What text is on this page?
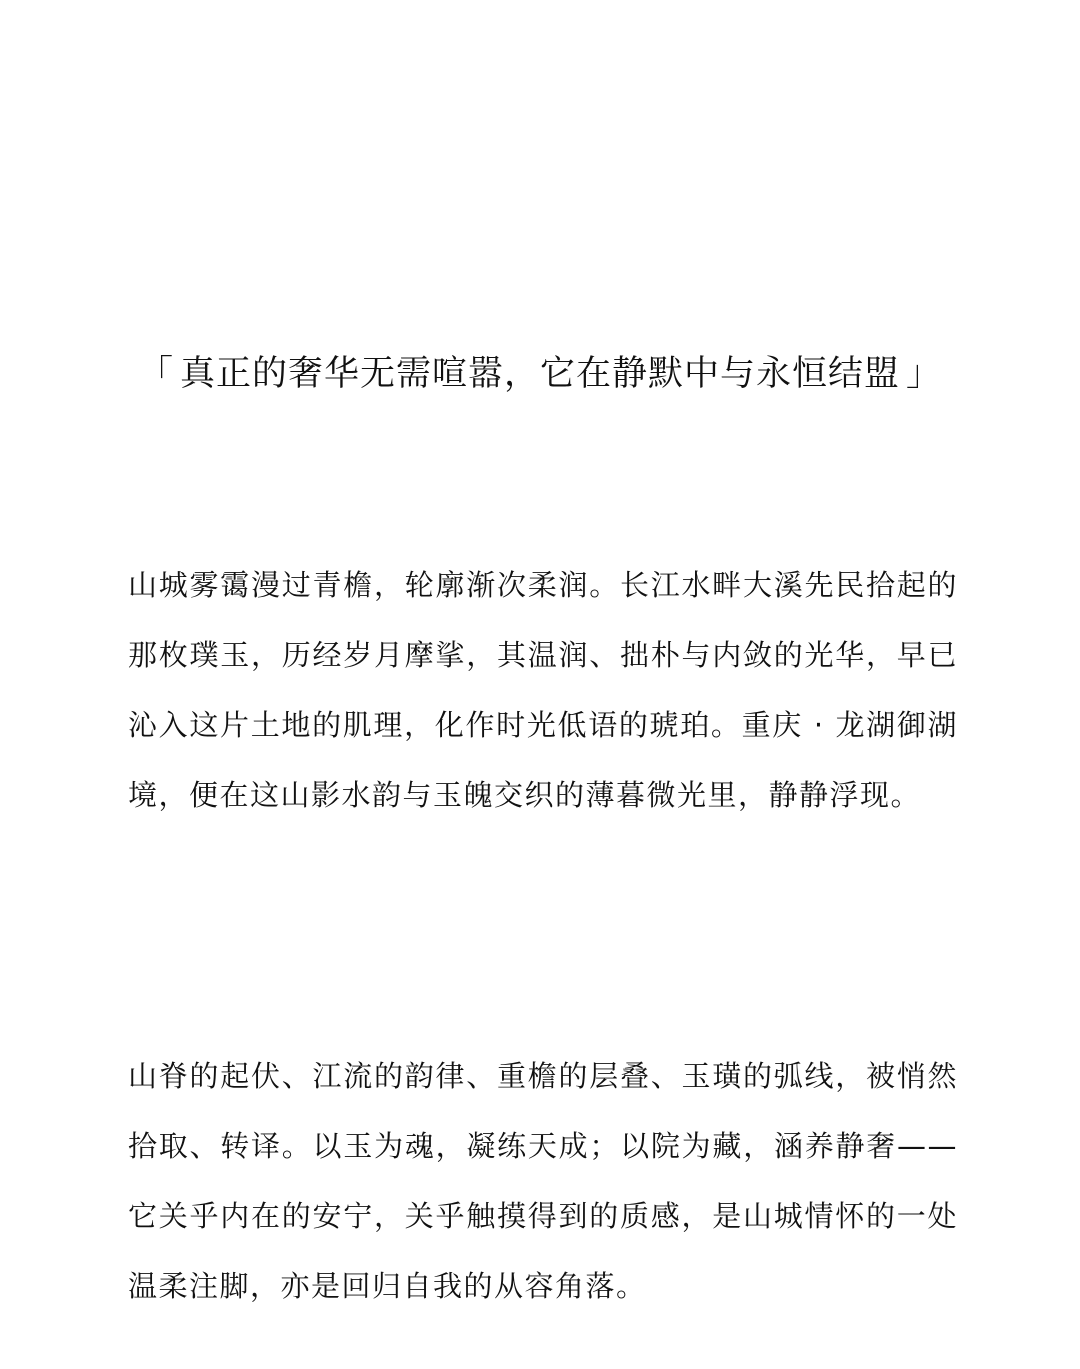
「 真正的奢华无需喧嚣，它在静默中与永恒结盟 」

山城雾霭漫过青檐，轮廓渐次柔润。长江水畔大溪先民拾起的那枚璞玉，历经岁月摩挲，其温润、拙朴与内敛的光华，早已沁入这片土地的肌理，化作时光低语的琥珀。重庆 · 龙湖御湖境，便在这山影水韵与玉魄交织的薄暮微光里，静静浮现。

山脊的起伏、江流的韵律、重檐的层叠、玉璜的弧线，被悄然拾取、转译。以玉为魂，凝练天成；以院为藏，涵养静奢——它关乎内在的安宁，关乎触摸得到的质感，是山城情怀的一处温柔注脚，亦是回归自我的从容角落。
